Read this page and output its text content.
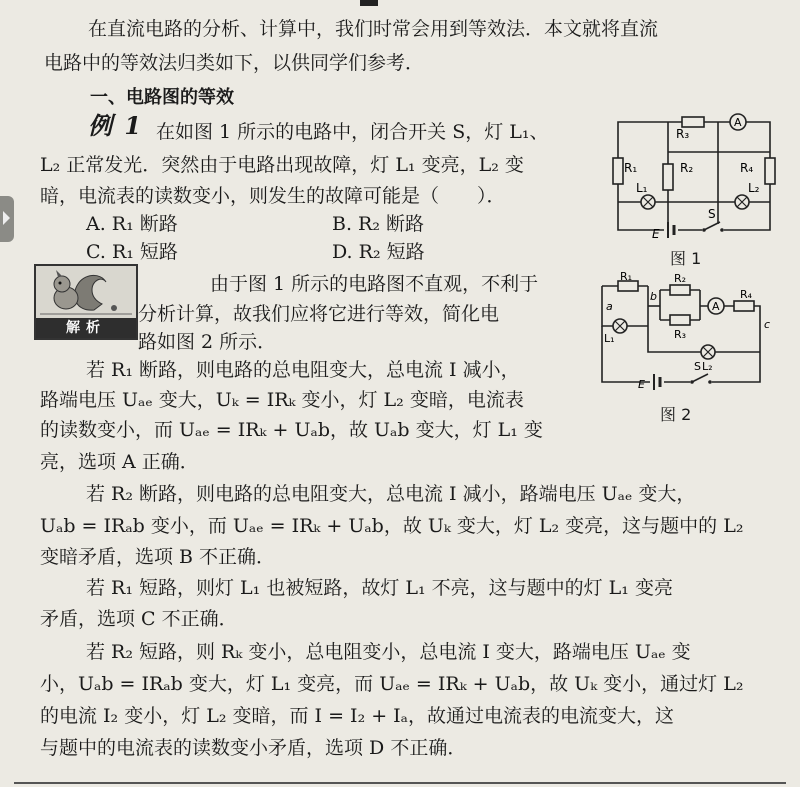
在直流电路的分析、计算中，我们时常会用到等效法．本文就将直流
电路中的等效法归类如下，以供同学们参考．
一、电路图的等效
例 1 在如图 1 所示的电路中，闭合开关 S，灯 L₁、
L₂ 正常发光．突然由于电路出现故障，灯 L₁ 变亮，L₂ 变
暗，电流表的读数变小，则发生的故障可能是（　　）．
A. R₁ 断路	B. R₂ 断路
C. R₁ 短路	D. R₂ 短路
解析
由于图 1 所示的电路图不直观，不利于
分析计算，故我们应将它进行等效，简化电
路如图 2 所示．
若 R₁ 断路，则电路的总电阻变大，总电流 I 减小，
路端电压 Uₐₑ 变大，Uₖ = IRₖ 变小，灯 L₂ 变暗，电流表
的读数变小，而 Uₐₑ = IRₖ + Uₐb，故 Uₐb 变大，灯 L₁ 变
亮，选项 A 正确．
若 R₂ 断路，则电路的总电阻变大，总电流 I 减小，路端电压 Uₐₑ 变大，
Uₐb = IRₐb 变小，而 Uₐₑ = IRₖ + Uₐb，故 Uₖ 变大，灯 L₂ 变亮，这与题中的 L₂
变暗矛盾，选项 B 不正确．
若 R₁ 短路，则灯 L₁ 也被短路，故灯 L₁ 不亮，这与题中的灯 L₁ 变亮
矛盾，选项 C 不正确．
若 R₂ 短路，则 Rₖ 变小，总电阻变小，总电流 I 变大，路端电压 Uₐₑ 变
小，Uₐb = IRₐb 变大，灯 L₁ 变亮，而 Uₐₑ = IRₖ + Uₐb，故 Uₖ 变小，通过灯 L₂
的电流 I₂ 变小，灯 L₂ 变暗，而 I = I₂ + Iₐ，故通过电流表的电流变大，这
与题中的电流表的读数变小矛盾，选项 D 不正确．
A
R₃
R₁	R₂	R₄
L₁	L₂
E
S
图 1
A
R₁	R₂
R₃
R₄
L₁
L₂
E
S
a
b
c
图 2
